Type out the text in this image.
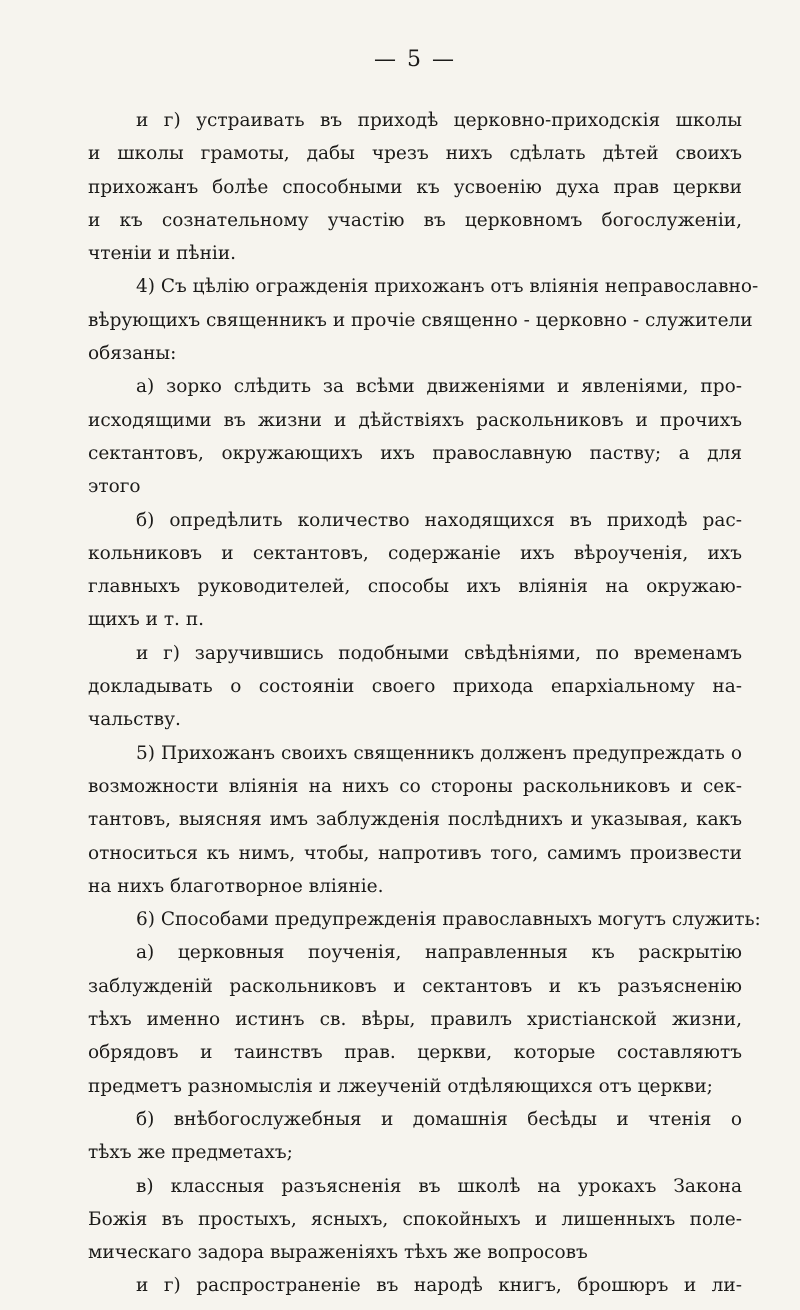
— 5 —
и г) устраивать въ приходѣ церковно-приходскія школы
и школы грамоты, дабы чрезъ нихъ сдѣлать дѣтей своихъ
прихожанъ болѣе способными къ усвоенію духа прав церкви
и къ сознательному участію въ церковномъ богослуженіи,
чтеніи и пѣніи.
4) Съ цѣлію огражденія прихожанъ отъ вліянія неправославно-
вѣрующихъ священникъ и прочіе священно - церковно - служители
обязаны:
а) зорко слѣдить за всѣми движеніями и явленіями, про-
исходящими въ жизни и дѣйствіяхъ раскольниковъ и прочихъ
сектантовъ, окружающихъ ихъ православную паству; а для
этого
б) опредѣлить количество находящихся въ приходѣ рас-
кольниковъ и сектантовъ, содержаніе ихъ вѣроученія, ихъ
главныхъ руководителей, способы ихъ вліянія на окружаю-
щихъ и т. п.
и г) заручившись подобными свѣдѣніями, по временамъ
докладывать о состояніи своего прихода епархіальному на-
чальству.
5) Прихожанъ своихъ священникъ долженъ предупреждать о
возможности вліянія на нихъ со стороны раскольниковъ и сек-
тантовъ, выясняя имъ заблужденія послѣднихъ и указывая, какъ
относиться къ нимъ, чтобы, напротивъ того, самимъ произвести
на нихъ благотворное вліяніе.
6) Способами предупрежденія православныхъ могутъ служить:
а) церковныя поученія, направленныя къ раскрытію
заблужденій раскольниковъ и сектантовъ и къ разъясненію
тѣхъ именно истинъ св. вѣры, правилъ христіанской жизни,
обрядовъ и таинствъ прав. церкви, которые составляютъ
предметъ разномыслія и лжеученій отдѣляющихся отъ церкви;
б) внѣбогослужебныя и домашнія бесѣды и чтенія о
тѣхъ же предметахъ;
в) классныя разъясненія въ школѣ на урокахъ Закона
Божія въ простыхъ, ясныхъ, спокойныхъ и лишенныхъ поле-
мическаго задора выраженіяхъ тѣхъ же вопросовъ
и г) распространеніе въ народѣ книгъ, брошюръ и ли-
